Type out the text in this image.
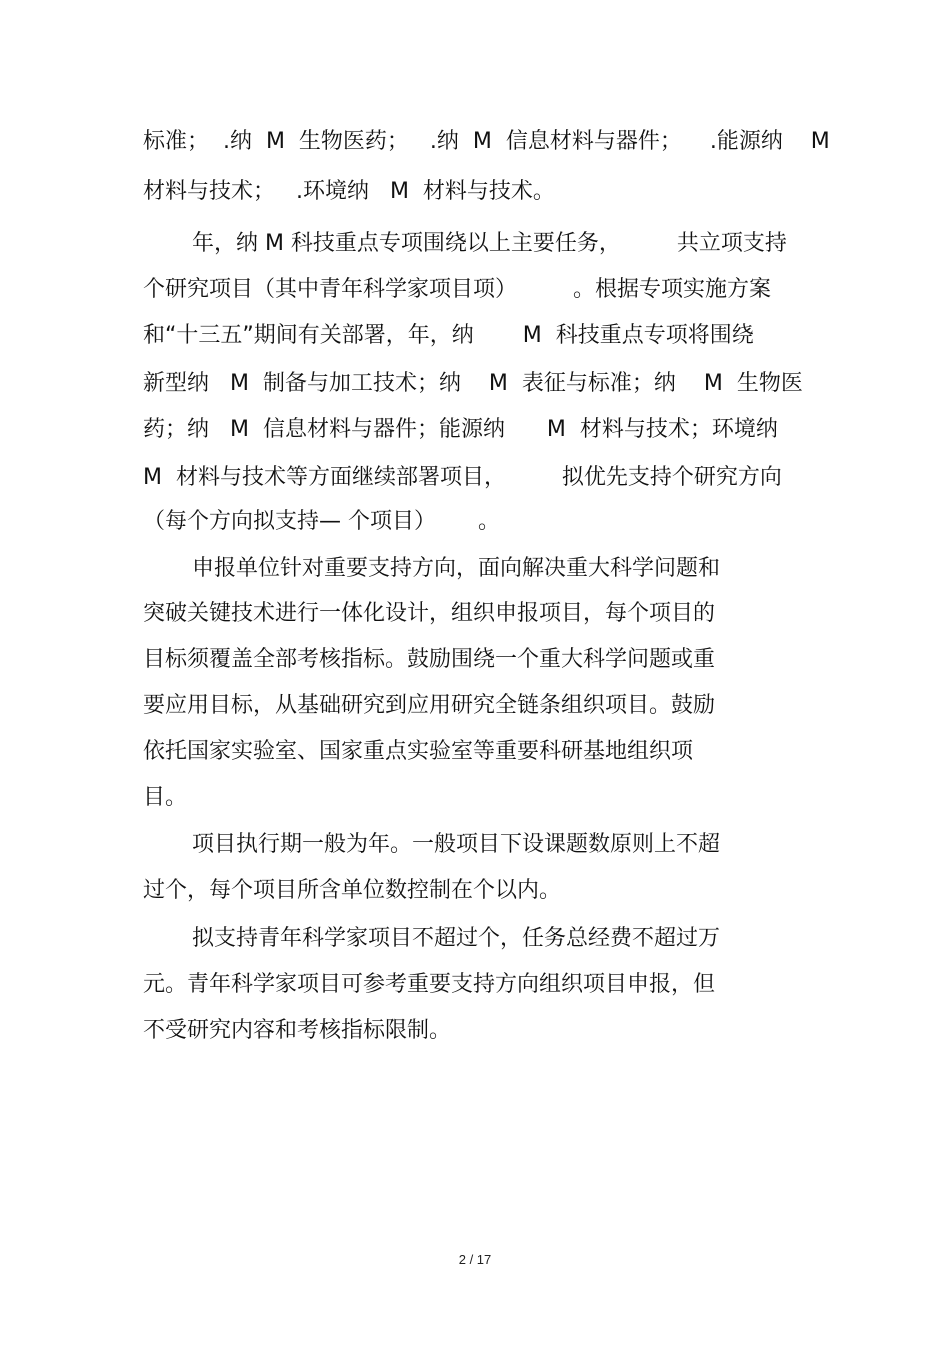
标准；  .纳  M  生物医药；   .纳  M  信息材料与器件；    .能源纳    M
材料与技术；   .环境纳   M  材料与技术。
年，纳 M 科技重点专项围绕以上主要任务，        共立项支持
个研究项目（其中青年科学家项目项）        。根据专项实施方案
和“十三五”期间有关部署，年，纳       M  科技重点专项将围绕
新型纳   M  制备与加工技术；纳    M  表征与标准；纳    M  生物医
药；纳   M  信息材料与器件；能源纳      M  材料与技术；环境纳
M  材料与技术等方面继续部署项目，        拟优先支持个研究方向
（每个方向拟支持— 个项目）      。
申报单位针对重要支持方向，面向解决重大科学问题和
突破关键技术进行一体化设计，组织申报项目，每个项目的
目标须覆盖全部考核指标。鼓励围绕一个重大科学问题或重
要应用目标，从基础研究到应用研究全链条组织项目。鼓励
依托国家实验室、国家重点实验室等重要科研基地组织项
目。
项目执行期一般为年。一般项目下设课题数原则上不超
过个，每个项目所含单位数控制在个以内。
拟支持青年科学家项目不超过个，任务总经费不超过万
元。青年科学家项目可参考重要支持方向组织项目申报，但
不受研究内容和考核指标限制。
2 / 17
